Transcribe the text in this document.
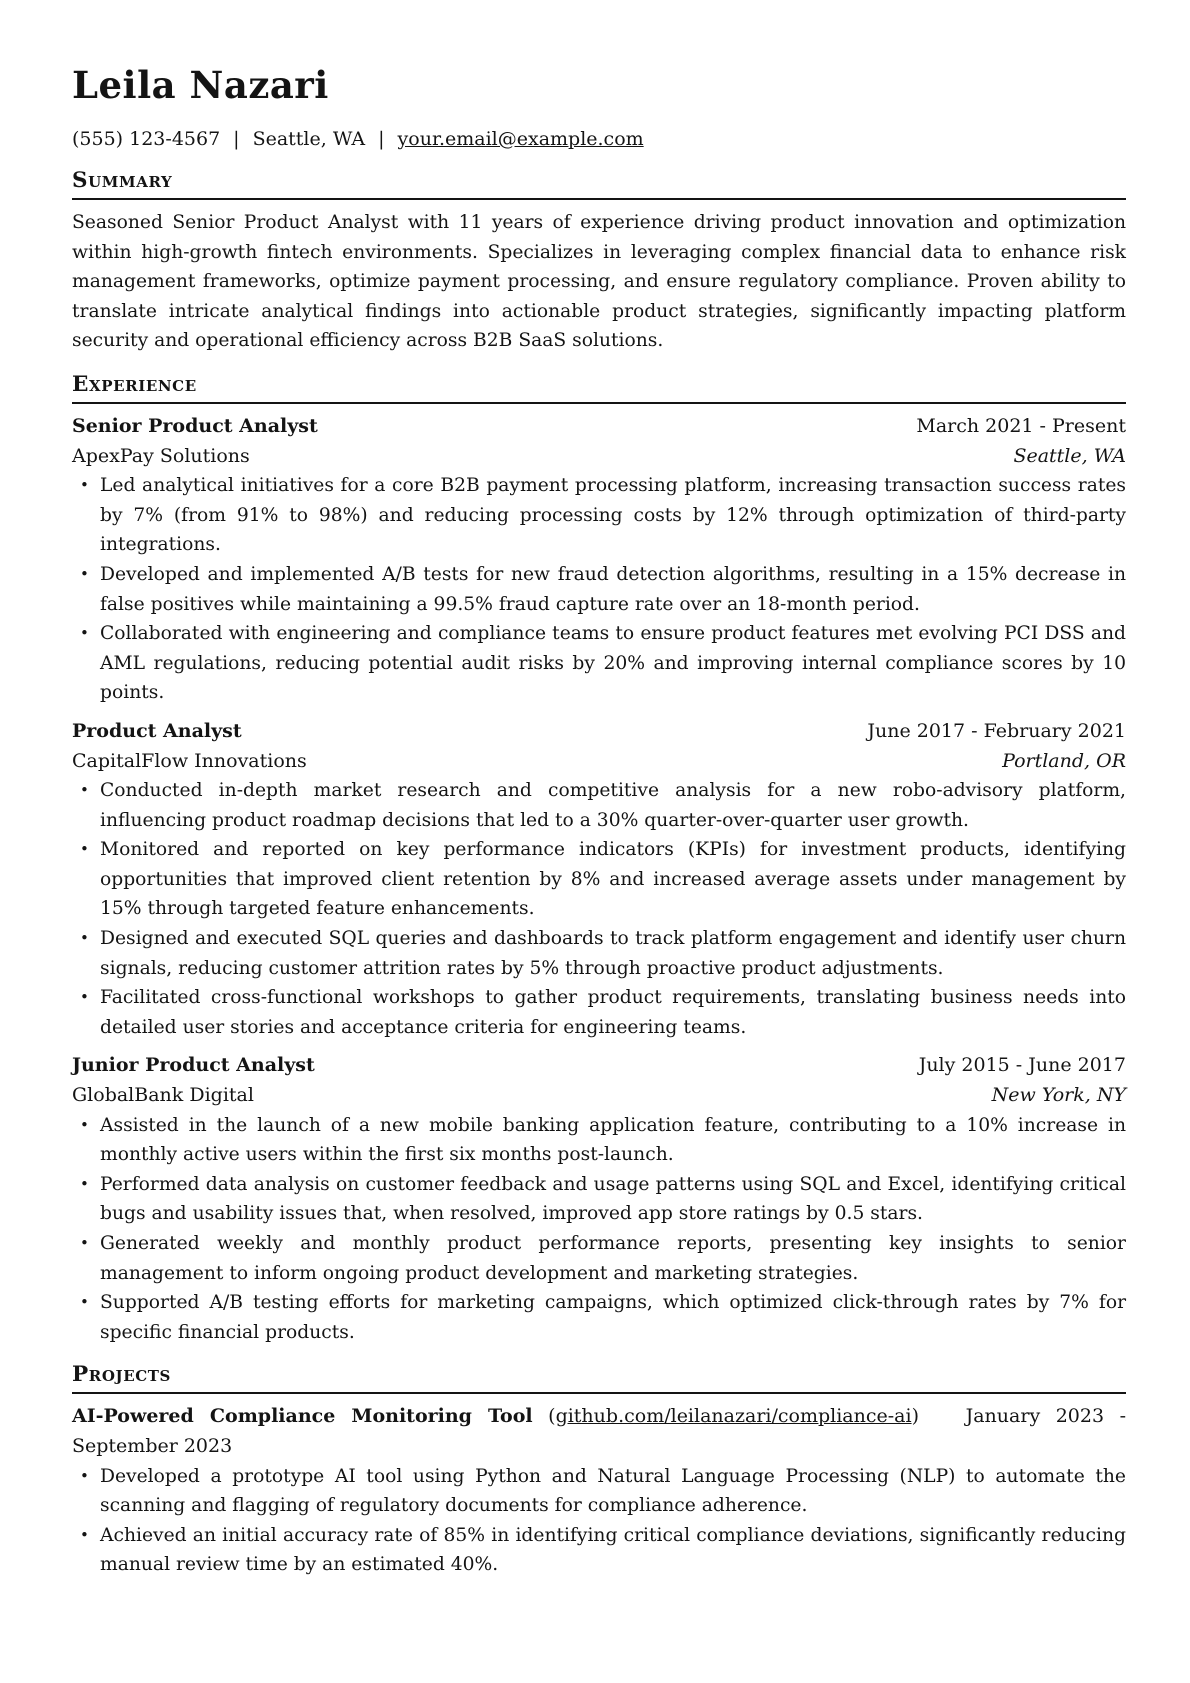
Leila Nazari
(555) 123-4567 | Seattle, WA | your.email@example.com
Summary
Seasoned Senior Product Analyst with 11 years of experience driving product innovation and optimization within high-growth fintech environments. Specializes in leveraging complex financial data to enhance risk management frameworks, optimize payment processing, and ensure regulatory compliance. Proven ability to translate intricate analytical findings into actionable product strategies, significantly impacting platform security and operational efficiency across B2B SaaS solutions.
Experience
Senior Product Analyst	March 2021 - Present
ApexPay Solutions	Seattle, WA
• Led analytical initiatives for a core B2B payment processing platform, increasing transaction success rates by 7% (from 91% to 98%) and reducing processing costs by 12% through optimization of third-party integrations.
• Developed and implemented A/B tests for new fraud detection algorithms, resulting in a 15% decrease in false positives while maintaining a 99.5% fraud capture rate over an 18-month period.
• Collaborated with engineering and compliance teams to ensure product features met evolving PCI DSS and AML regulations, reducing potential audit risks by 20% and improving internal compliance scores by 10 points.
Product Analyst	June 2017 - February 2021
CapitalFlow Innovations	Portland, OR
• Conducted in-depth market research and competitive analysis for a new robo-advisory platform, influencing product roadmap decisions that led to a 30% quarter-over-quarter user growth.
• Monitored and reported on key performance indicators (KPIs) for investment products, identifying opportunities that improved client retention by 8% and increased average assets under management by 15% through targeted feature enhancements.
• Designed and executed SQL queries and dashboards to track platform engagement and identify user churn signals, reducing customer attrition rates by 5% through proactive product adjustments.
• Facilitated cross-functional workshops to gather product requirements, translating business needs into detailed user stories and acceptance criteria for engineering teams.
Junior Product Analyst	July 2015 - June 2017
GlobalBank Digital	New York, NY
• Assisted in the launch of a new mobile banking application feature, contributing to a 10% increase in monthly active users within the first six months post-launch.
• Performed data analysis on customer feedback and usage patterns using SQL and Excel, identifying critical bugs and usability issues that, when resolved, improved app store ratings by 0.5 stars.
• Generated weekly and monthly product performance reports, presenting key insights to senior management to inform ongoing product development and marketing strategies.
• Supported A/B testing efforts for marketing campaigns, which optimized click-through rates by 7% for specific financial products.
Projects
AI-Powered Compliance Monitoring Tool (github.com/leilanazari/compliance-ai)   January 2023 - September 2023
• Developed a prototype AI tool using Python and Natural Language Processing (NLP) to automate the scanning and flagging of regulatory documents for compliance adherence.
• Achieved an initial accuracy rate of 85% in identifying critical compliance deviations, significantly reducing manual review time by an estimated 40%.
